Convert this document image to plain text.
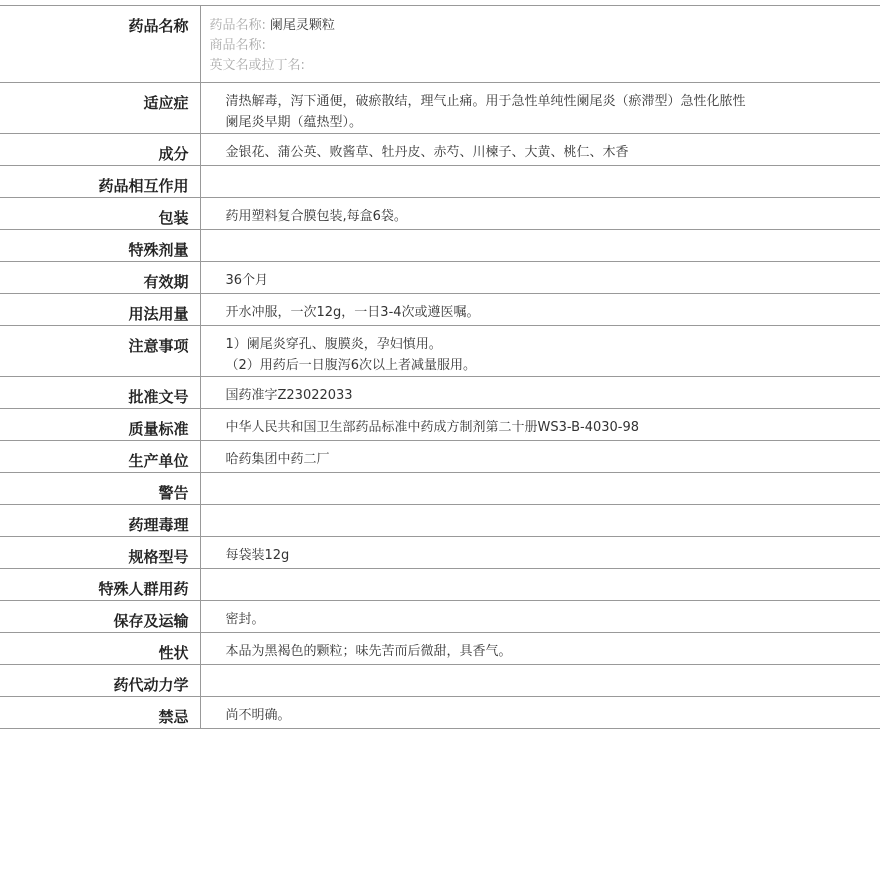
药品名称	药品名称: 阑尾灵颗粒
商品名称:
英文名或拉丁名:

适应症	清热解毒，泻下通便，破瘀散结，理气止痛。用于急性单纯性阑尾炎（瘀滞型）急性化脓性
阑尾炎早期（蕴热型）。

成分	金银花、蒲公英、败酱草、牡丹皮、赤芍、川楝子、大黄、桃仁、木香
药品相互作用	
包装	药用塑料复合膜包装,每盒6袋。
特殊剂量	
有效期	36个月
用法用量	开水冲服，一次12g，一日3-4次或遵医嘱。
注意事项	1）阑尾炎穿孔、腹膜炎，孕妇慎用。
（2）用药后一日腹泻6次以上者减量服用。

批准文号	国药准字Z23022033
质量标准	中华人民共和国卫生部药品标准中药成方制剂第二十册WS3-B-4030-98
生产单位	哈药集团中药二厂
警告	
药理毒理	
规格型号	每袋装12g
特殊人群用药	
保存及运输	密封。
性状	本品为黑褐色的颗粒；味先苦而后微甜，具香气。
药代动力学	
禁忌	尚不明确。
